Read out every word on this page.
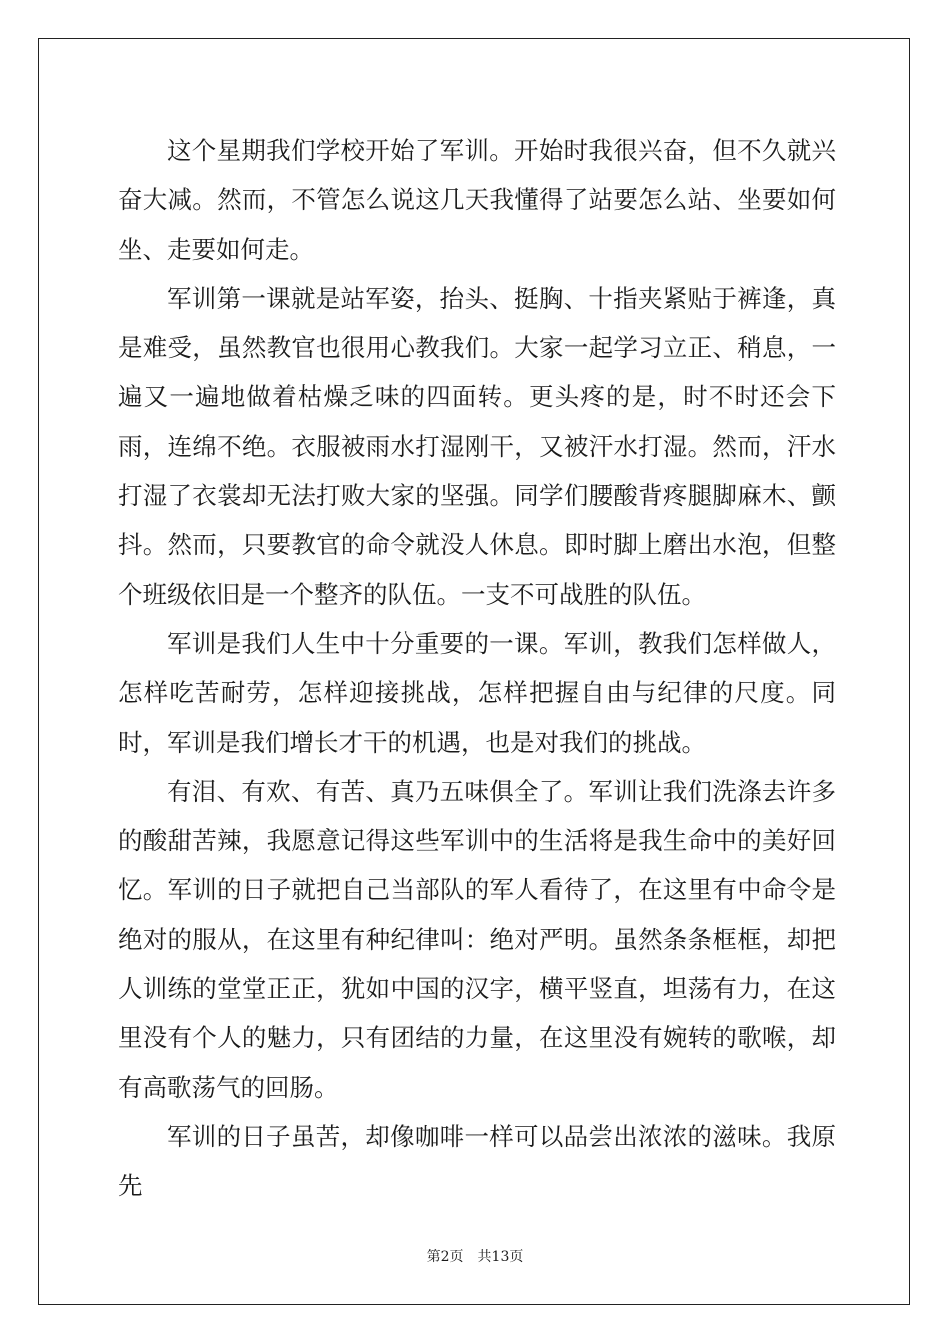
这个星期我们学校开始了军训。开始时我很兴奋，但不久就兴奋大减。然而，不管怎么说这几天我懂得了站要怎么站、坐要如何坐、走要如何走。

军训第一课就是站军姿，抬头、挺胸、十指夹紧贴于裤逢，真是难受，虽然教官也很用心教我们。大家一起学习立正、稍息，一遍又一遍地做着枯燥乏味的四面转。更头疼的是，时不时还会下雨，连绵不绝。衣服被雨水打湿刚干，又被汗水打湿。然而，汗水打湿了衣裳却无法打败大家的坚强。同学们腰酸背疼腿脚麻木、颤抖。然而，只要教官的命令就没人休息。即时脚上磨出水泡，但整个班级依旧是一个整齐的队伍。一支不可战胜的队伍。

军训是我们人生中十分重要的一课。军训，教我们怎样做人，怎样吃苦耐劳，怎样迎接挑战，怎样把握自由与纪律的尺度。同时，军训是我们增长才干的机遇，也是对我们的挑战。

有泪、有欢、有苦、真乃五味俱全了。军训让我们洗涤去许多的酸甜苦辣，我愿意记得这些军训中的生活将是我生命中的美好回忆。军训的日子就把自己当部队的军人看待了，在这里有中命令是绝对的服从，在这里有种纪律叫：绝对严明。虽然条条框框，却把人训练的堂堂正正，犹如中国的汉字，横平竖直，坦荡有力，在这里没有个人的魅力，只有团结的力量，在这里没有婉转的歌喉，却有高歌荡气的回肠。

军训的日子虽苦，却像咖啡一样可以品尝出浓浓的滋味。我原先

第2页 共13页
